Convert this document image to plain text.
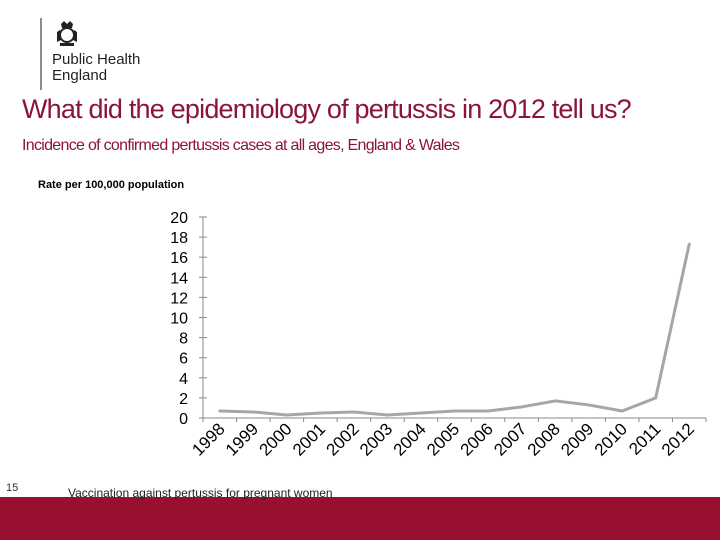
Public Health
England
What did the epidemiology of pertussis in 2012 tell us?
Incidence of confirmed pertussis cases at all ages, England & Wales
Rate per 100,000 population
0
2
4
6
8
10
12
14
16
18
20
1998
1999
2000
2001
2002
2003
2004
2005
2006
2007
2008
2009
2010
2011
2012
15	Vaccination against pertussis for pregnant women
